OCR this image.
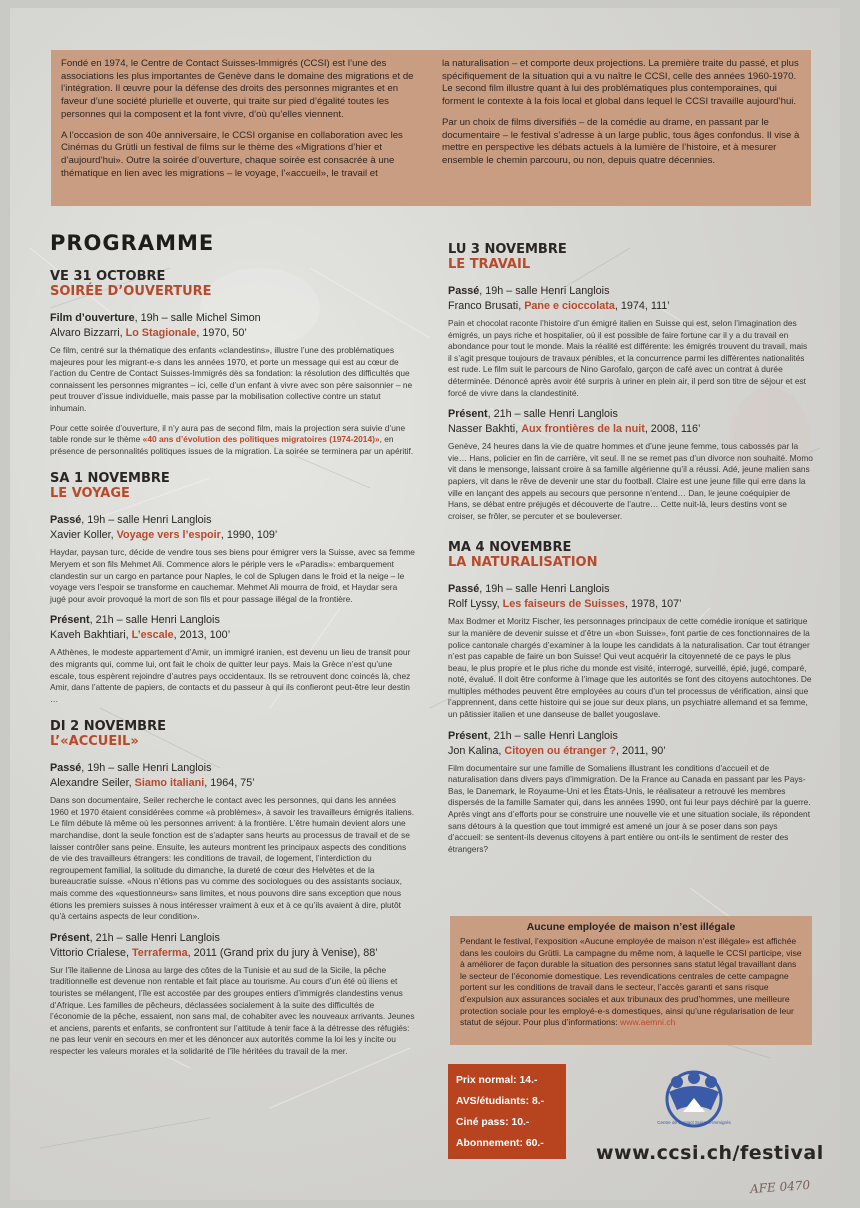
Fondé en 1974, le Centre de Contact Suisses-Immigrés (CCSI) est l’une des associations les plus importantes de Genève dans le domaine des migrations et de l’intégration. Il œuvre pour la défense des droits des personnes migrantes et en faveur d’une société plurielle et ouverte, qui traite sur pied d’égalité toutes les personnes qui la composent et la font vivre, d’où qu’elles viennent.

A l’occasion de son 40e anniversaire, le CCSI organise en collaboration avec les Cinémas du Grütli un festival de films sur le thème des «Migrations d’hier et d’aujourd’hui». Outre la soirée d’ouverture, chaque soirée est consacrée à une thématique en lien avec les migrations – le voyage, l’«accueil», le travail et

la naturalisation – et comporte deux projections. La première traite du passé, et plus spécifiquement de la situation qui a vu naître le CCSI, celle des années 1960-1970. Le second film illustre quant à lui des problématiques plus contemporaines, qui forment le contexte à la fois local et global dans lequel le CCSI travaille aujourd’hui.

Par un choix de films diversifiés – de la comédie au drame, en passant par le documentaire – le festival s’adresse à un large public, tous âges confondus. Il vise à mettre en perspective les débats actuels à la lumière de l’histoire, et à mesurer ensemble le chemin parcouru, ou non, depuis quatre décennies.

PROGRAMME
VE 31 OCTOBRE
SOIRÉE D’OUVERTURE
Film d’ouverture, 19h – salle Michel Simon
Alvaro Bizzarri, Lo Stagionale, 1970, 50’

Ce film, centré sur la thématique des enfants «clandestins», illustre l’une des problématiques majeures pour les migrant-e-s dans les années 1970, et porte un message qui est au cœur de l’action du Centre de Contact Suisses-Immigrés dès sa fondation: la résolution des difficultés que connaissent les personnes migrantes – ici, celle d’un enfant à vivre avec son père saisonnier – ne peut trouver d’issue individuelle, mais passe par la mobilisation collective contre un statut inhumain.

Pour cette soirée d’ouverture, il n’y aura pas de second film, mais la projection sera suivie d’une table ronde sur le thème «40 ans d’évolution des politiques migratoires (1974-2014)», en présence de personnalités politiques issues de la migration. La soirée se terminera par un apéritif.

SA 1 NOVEMBRE
LE VOYAGE
Passé, 19h – salle Henri Langlois
Xavier Koller, Voyage vers l’espoir, 1990, 109’

Haydar, paysan turc, décide de vendre tous ses biens pour émigrer vers la Suisse, avec sa femme Meryem et son fils Mehmet Ali. Commence alors le périple vers le «Paradis»: embarquement clandestin sur un cargo en partance pour Naples, le col de Splugen dans le froid et la neige – le voyage vers l’espoir se transforme en cauchemar. Mehmet Ali mourra de froid, et Haydar sera jugé pour avoir provoqué la mort de son fils et pour passage illégal de la frontière.

Présent, 21h – salle Henri Langlois
Kaveh Bakhtiari, L’escale, 2013, 100’

A Athènes, le modeste appartement d’Amir, un immigré iranien, est devenu un lieu de transit pour des migrants qui, comme lui, ont fait le choix de quitter leur pays. Mais la Grèce n’est qu’une escale, tous espèrent rejoindre d’autres pays occidentaux. Ils se retrouvent donc coincés là, chez Amir, dans l’attente de papiers, de contacts et du passeur à qui ils confieront peut-être leur destin …

DI 2 NOVEMBRE
L’«ACCUEIL»
Passé, 19h – salle Henri Langlois
Alexandre Seiler, Siamo italiani, 1964, 75’

Dans son documentaire, Seiler recherche le contact avec les personnes, qui dans les années 1960 et 1970 étaient considérées comme «à problèmes», à savoir les travailleurs émigrés italiens. Le film débute là même où les personnes arrivent: à la frontière. L’être humain devient alors une marchandise, dont la seule fonction est de s’adapter sans heurts au processus de travail et de se laisser contrôler sans peine. Ensuite, les auteurs montrent les principaux aspects des conditions de vie des travailleurs étrangers: les conditions de travail, de logement, l’interdiction du regroupement familial, la solitude du dimanche, la dureté de cœur des Helvètes et de la bureaucratie suisse. «Nous n’étions pas vu comme des sociologues ou des assistants sociaux, mais comme des «questionneurs» sans limites, et nous pouvons dire sans exception que nous étions les premiers suisses à nous intéresser vraiment à eux et à ce qu’ils avaient à dire, plutôt qu’à certains aspects de leur condition».

Présent, 21h – salle Henri Langlois
Vittorio Crialese, Terraferma, 2011 (Grand prix du jury à Venise), 88’

Sur l’île italienne de Linosa au large des côtes de la Tunisie et au sud de la Sicile, la pêche traditionnelle est devenue non rentable et fait place au tourisme. Au cours d’un été où iliens et touristes se mélangent, l’île est accostée par des groupes entiers d’immigrés clandestins venus d’Afrique. Les familles de pêcheurs, déclassées socialement à la suite des difficultés de l’économie de la pêche, essaient, non sans mal, de cohabiter avec les nouveaux arrivants. Jeunes et anciens, parents et enfants, se confrontent sur l’attitude à tenir face à la détresse des réfugiés: ne pas leur venir en secours en mer et les dénoncer aux autorités comme la loi les y incite ou respecter les valeurs morales et la solidarité de l’île héritées du travail de la mer.

LU 3 NOVEMBRE
LE TRAVAIL
Passé, 19h – salle Henri Langlois
Franco Brusati, Pane e cioccolata, 1974, 111’

Pain et chocolat raconte l’histoire d’un émigré italien en Suisse qui est, selon l’imagination des émigrés, un pays riche et hospitalier, où il est possible de faire fortune car il y a du travail en abondance pour tout le monde. Mais la réalité est différente: les émigrés trouvent du travail, mais il s’agit presque toujours de travaux pénibles, et la concurrence parmi les différentes nationalités est rude. Le film suit le parcours de Nino Garofalo, garçon de café avec un contrat à durée déterminée. Dénoncé après avoir été surpris à uriner en plein air, il perd son titre de séjour et est forcé de vivre dans la clandestinité.

Présent, 21h – salle Henri Langlois
Nasser Bakhti, Aux frontières de la nuit, 2008, 116’

Genève, 24 heures dans la vie de quatre hommes et d’une jeune femme, tous cabossés par la vie… Hans, policier en fin de carrière, vit seul. Il ne se remet pas d’un divorce non souhaité. Momo vit dans le mensonge, laissant croire à sa famille algérienne qu’il a réussi. Adé, jeune malien sans papiers, vit dans le rêve de devenir une star du football. Claire est une jeune fille qui erre dans la ville en lançant des appels au secours que personne n’entend… Dan, le jeune coéquipier de Hans, se débat entre préjugés et découverte de l’autre… Cette nuit-là, leurs destins vont se croiser, se frôler, se percuter et se bouleverser.

MA 4 NOVEMBRE
LA NATURALISATION
Passé, 19h – salle Henri Langlois
Rolf Lyssy, Les faiseurs de Suisses, 1978, 107’

Max Bodmer et Moritz Fischer, les personnages principaux de cette comédie ironique et satirique sur la manière de devenir suisse et d’être un «bon Suisse», font partie de ces fonctionnaires de la police cantonale chargés d’examiner à la loupe les candidats à la naturalisation. Car tout étranger n’est pas capable de faire un bon Suisse! Qui veut acquérir la citoyenneté de ce pays le plus beau, le plus propre et le plus riche du monde est visité, interrogé, surveillé, épié, jugé, comparé, noté, évalué. Il doit être conforme à l’image que les autorités se font des citoyens autochtones. De multiples méthodes peuvent être employées au cours d’un tel processus de vérification, ainsi que l’apprennent, dans cette histoire qui se joue sur deux plans, un psychiatre allemand et sa femme, un pâtissier italien et une danseuse de ballet yougoslave.

Présent, 21h – salle Henri Langlois
Jon Kalina, Citoyen ou étranger ?, 2011, 90’

Film documentaire sur une famille de Somaliens illustrant les conditions d’accueil et de naturalisation dans divers pays d’immigration. De la France au Canada en passant par les Pays-Bas, le Danemark, le Royaume-Uni et les États-Unis, le réalisateur a retrouvé les membres dispersés de la famille Samater qui, dans les années 1990, ont fui leur pays déchiré par la guerre. Après vingt ans d’efforts pour se construire une nouvelle vie et une situation sociale, ils répondent sans détours à la question que tout immigré est amené un jour à se poser dans son pays d’accueil: se sentent-ils devenus citoyens à part entière ou ont-ils le sentiment de rester des étrangers?

Aucune employée de maison n’est illégale
Pendant le festival, l’exposition «Aucune employée de maison n’est illégale» est affichée dans les couloirs du Grütli. La campagne du même nom, à laquelle le CCSI participe, vise à améliorer de façon durable la situation des personnes sans statut légal travaillant dans le secteur de l’économie domestique. Les revendications centrales de cette campagne portent sur les conditions de travail dans le secteur, l’accès garanti et sans risque d’expulsion aux assurances sociales et aux tribunaux des prud’hommes, une meilleure protection sociale pour les employé-e-s domestiques, ainsi qu’une régularisation de leur statut de séjour. Pour plus d’informations: www.aemni.ch
Prix normal: 14.-
AVS/étudiants: 8.-
Ciné pass: 10.-
Abonnement: 60.-
Centre de Contact Suisses-Immigrés
www.ccsi.ch/festival
AFE 0470
